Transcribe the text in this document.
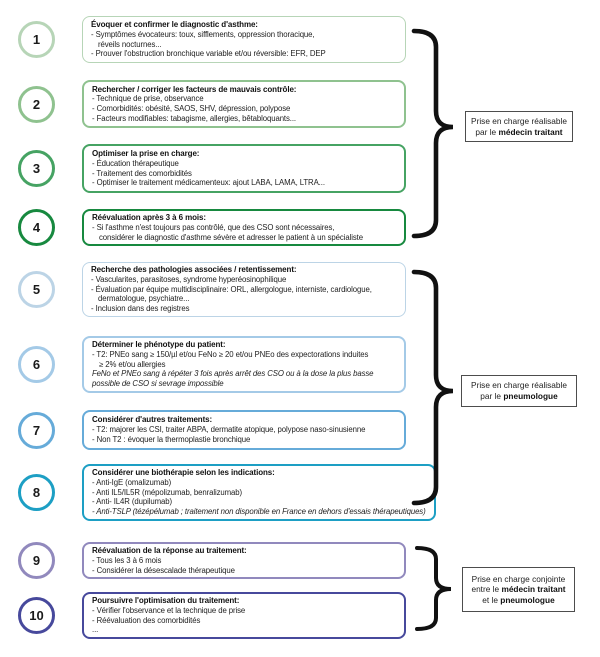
1
Évoquer et confirmer le diagnostic d'asthme:
- Symptômes évocateurs: toux, sifflements, oppression thoracique,
réveils nocturnes...
- Prouver l'obstruction bronchique variable et/ou réversible: EFR, DEP
2
Rechercher / corriger les facteurs de mauvais contrôle:
- Technique de prise, observance
- Comorbidités: obésité, SAOS, SHV, dépression, polypose
- Facteurs modifiables: tabagisme, allergies, bêtabloquants...
3
Optimiser la prise en charge:
- Éducation thérapeutique
- Traitement des comorbidités
- Optimiser le traitement médicamenteux: ajout LABA, LAMA, LTRA...
4
Réévaluation après 3 à 6 mois:
- Si l'asthme n'est toujours pas contrôlé, que des CSO sont nécessaires,
considérer le diagnostic d'asthme sévère et adresser le patient à un spécialiste
5
Recherche des pathologies associées / retentissement:
- Vascularites, parasitoses, syndrome hyperéosinophilique
- Évaluation par équipe multidisciplinaire: ORL, allergologue, interniste, cardiologue,
dermatologue, psychiatre...
- Inclusion dans des registres
6
Déterminer le phénotype du patient:
- T2: PNEo sang ≥ 150/µl et/ou FeNo ≥ 20 et/ou PNEo des expectorations induites
≥ 2% et/ou allergies
FeNo et PNEo sang à répéter 3 fois après arrêt des CSO ou à la dose la plus basse
possible de CSO si sevrage impossible
7
Considérer d'autres traitements:
- T2: majorer les CSI, traiter ABPA, dermatite atopique, polypose naso-sinusienne
- Non T2 : évoquer la thermoplastie bronchique
8
Considérer une biothérapie selon les indications:
- Anti-IgE (omalizumab)
- Anti IL5/IL5R (mépolizumab, benralizumab)
- Anti- IL4R (dupilumab)
- Anti-TSLP (tézépélumab ; traitement non disponible en France en dehors d'essais thérapeutiques)
9
Réévaluation de la réponse au traitement:
- Tous les 3 à 6 mois
- Considérer la désescalade thérapeutique
10
Poursuivre l'optimisation du traitement:
- Vérifier l'observance et la technique de prise
- Réévaluation des comorbidités
...
Prise en charge réalisable
par le médecin traitant
Prise en charge réalisable
par le pneumologue
Prise en charge conjointe
entre le médecin traitant
et le pneumologue
